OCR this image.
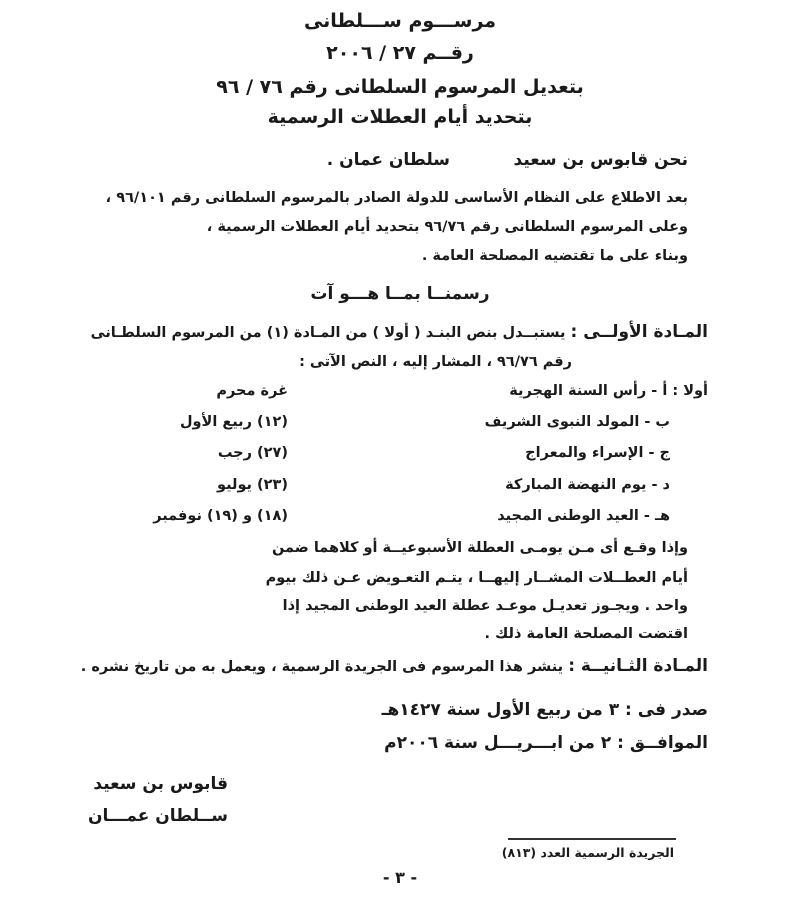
مرســـوم ســـلطانى
رقــم ٢٧ / ٢٠٠٦
بتعديل المرسوم السلطانى رقم ٧٦ / ٩٦
بتحديد أيام العطلات الرسمية
نحن قابوس بن سعيد
سلطان عمان .
بعد الاطلاع على النظام الأساسى للدولة الصادر بالمرسوم السلطانى رقم ٩٦/١٠١ ،
وعلى المرسوم السلطانى رقم ٩٦/٧٦ بتحديد أيام العطلات الرسمية ،
وبناء على ما تقتضيه المصلحة العامة .
رسمنــا بمــا هـــو آت
المـادة الأولــى : يستبــدل بنص البنـد ( أولا ) من المـادة (١) من المرسوم السلطـانى
رقم ٩٦/٧٦ ، المشار إليه ، النص الآتى :
أولا : أ - رأس السنة الهجرية
غرة محرم
ب - المولد النبوى الشريف
(١٢) ربيع الأول
ج - الإسراء والمعراج
(٢٧) رجب
د - يوم النهضة المباركة
(٢٣) يوليو
هـ - العيد الوطنى المجيد
(١٨) و (١٩) نوفمبر
وإذا وقـع أى مـن يومـى العطلة الأسبوعيــة أو كلاهما ضمن
أيام العطــلات المشــار إليهــا ، يتـم التعـويض عـن ذلك بيوم
واحد . ويجـوز تعديـل موعـد عطلة العيد الوطنى المجيد إذا
اقتضت المصلحة العامة ذلك .
المـادة الثـانيــة : ينشر هذا المرسوم فى الجريدة الرسمية ، ويعمل به من تاريخ نشره .
صدر فى : ٣ من ربيع الأول سنة ١٤٢٧هـ
الموافــق : ٢ من ابـــريـــل سنة ٢٠٠٦م
قابوس بن سعيد
ســلطان عمـــان
الجريدة الرسمية العدد (٨١٣)
- ٣ -
